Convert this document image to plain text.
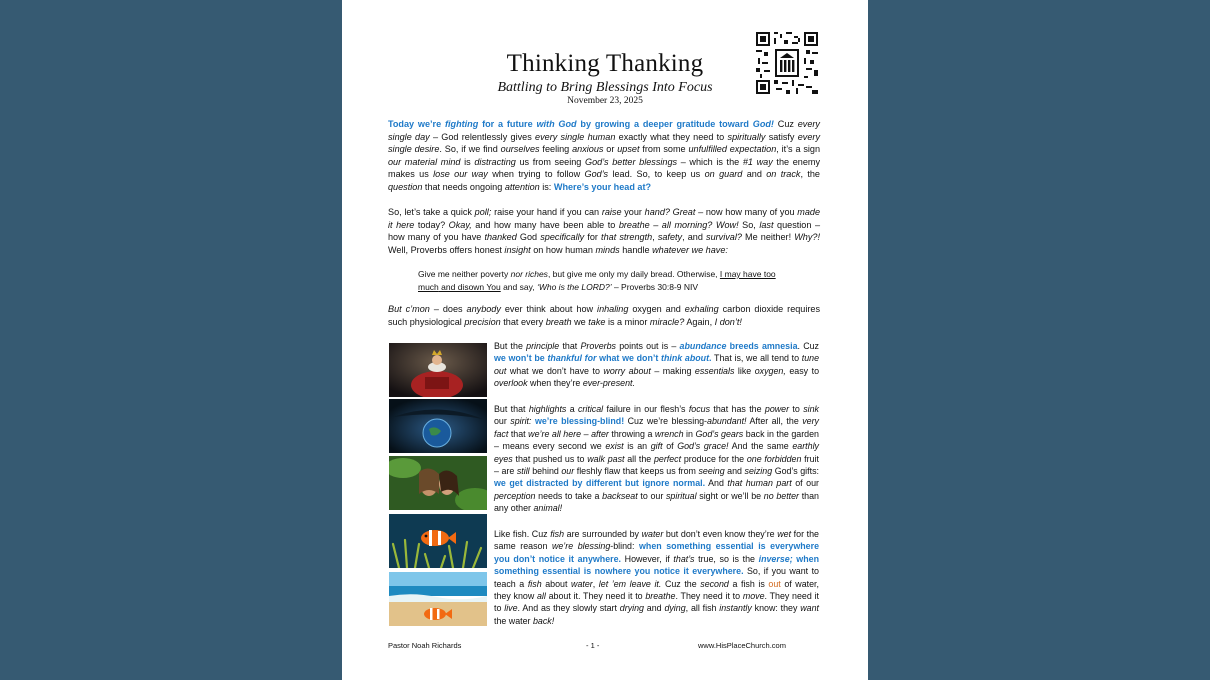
Thinking Thanking
Battling to Bring Blessings Into Focus
November 23, 2025

Today we’re fighting for a future with God by growing a deeper gratitude toward God! Cuz every single day – God relentlessly gives every single human exactly what they need to spiritually satisfy every single desire. So, if we find ourselves feeling anxious or upset from some unfulfilled expectation, it’s a sign our material mind is distracting us from seeing God’s better blessings – which is the #1 way the enemy makes us lose our way when trying to follow God’s lead. So, to keep us on guard and on track, the question that needs ongoing attention is: Where’s your head at?

So, let’s take a quick poll; raise your hand if you can raise your hand? Great – now how many of you made it here today? Okay, and how many have been able to breathe – all morning? Wow! So, last question – how many of you have thanked God specifically for that strength, safety, and survival? Me neither! Why?! Well, Proverbs offers honest insight on how human minds handle whatever we have:

Give me neither poverty nor riches, but give me only my daily bread. Otherwise, I may have too much and disown You and say, ‘Who is the LORD?’ – Proverbs 30:8-9 NIV

But c’mon – does anybody ever think about how inhaling oxygen and exhaling carbon dioxide requires such physiological precision that every breath we take is a minor miracle? Again, I don’t!

But the principle that Proverbs points out is – abundance breeds amnesia. Cuz we won’t be thankful for what we don’t think about. That is, we all tend to tune out what we don’t have to worry about – making essentials like oxygen, easy to overlook when they’re ever-present.

But that highlights a critical failure in our flesh’s focus that has the power to sink our spirit: we’re blessing-blind! Cuz we’re blessing-abundant! After all, the very fact that we’re all here – after throwing a wrench in God’s gears back in the garden – means every second we exist is an gift of God’s grace! And the same earthly eyes that pushed us to walk past all the perfect produce for the one forbidden fruit – are still behind our fleshly flaw that keeps us from seeing and seizing God’s gifts: we get distracted by different but ignore normal. And that human part of our perception needs to take a backseat to our spiritual sight or we’ll be no better than any other animal!

Like fish. Cuz fish are surrounded by water but don’t even know they’re wet for the same reason we’re blessing-blind: when something essential is everywhere you don’t notice it anywhere. However, if that’s true, so is the inverse; when something essential is nowhere you notice it everywhere. So, if you want to teach a fish about water, let ’em leave it. Cuz the second a fish is out of water, they know all about it. They need it to breathe. They need it to move. They need it to live. And as they slowly start drying and dying, all fish instantly know: they want the water back!

Pastor Noah Richards	- 1 -	www.HisPlaceChurch.com
